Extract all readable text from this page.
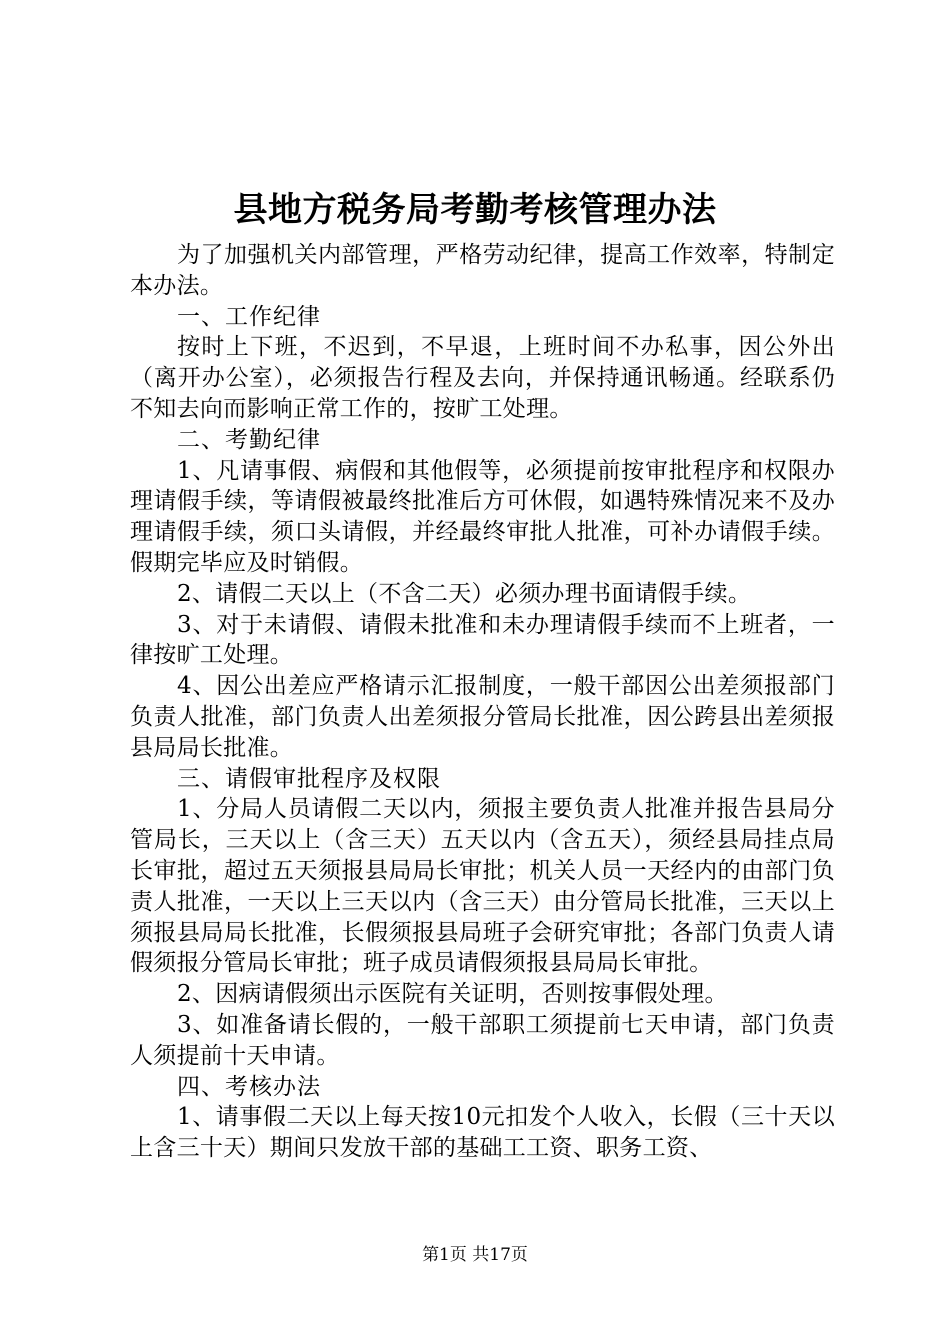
县地方税务局考勤考核管理办法

为了加强机关内部管理，严格劳动纪律，提高工作效率，特制定本办法。

一、工作纪律

按时上下班，不迟到，不早退，上班时间不办私事，因公外出（离开办公室），必须报告行程及去向，并保持通讯畅通。经联系仍不知去向而影响正常工作的，按旷工处理。

二、考勤纪律

1、凡请事假、病假和其他假等，必须提前按审批程序和权限办理请假手续，等请假被最终批准后方可休假，如遇特殊情况来不及办理请假手续，须口头请假，并经最终审批人批准，可补办请假手续。假期完毕应及时销假。

2、请假二天以上（不含二天）必须办理书面请假手续。

3、对于未请假、请假未批准和未办理请假手续而不上班者，一律按旷工处理。

4、因公出差应严格请示汇报制度，一般干部因公出差须报部门负责人批准，部门负责人出差须报分管局长批准，因公跨县出差须报县局局长批准。

三、请假审批程序及权限

1、分局人员请假二天以内，须报主要负责人批准并报告县局分管局长，三天以上（含三天）五天以内（含五天），须经县局挂点局长审批，超过五天须报县局局长审批；机关人员一天经内的由部门负责人批准，一天以上三天以内（含三天）由分管局长批准，三天以上须报县局局长批准，长假须报县局班子会研究审批；各部门负责人请假须报分管局长审批；班子成员请假须报县局局长审批。

2、因病请假须出示医院有关证明，否则按事假处理。

3、如准备请长假的，一般干部职工须提前七天申请，部门负责人须提前十天申请。

四、考核办法

1、请事假二天以上每天按10元扣发个人收入，长假（三十天以上含三十天）期间只发放干部的基础工工资、职务工资、

第1页 共17页
